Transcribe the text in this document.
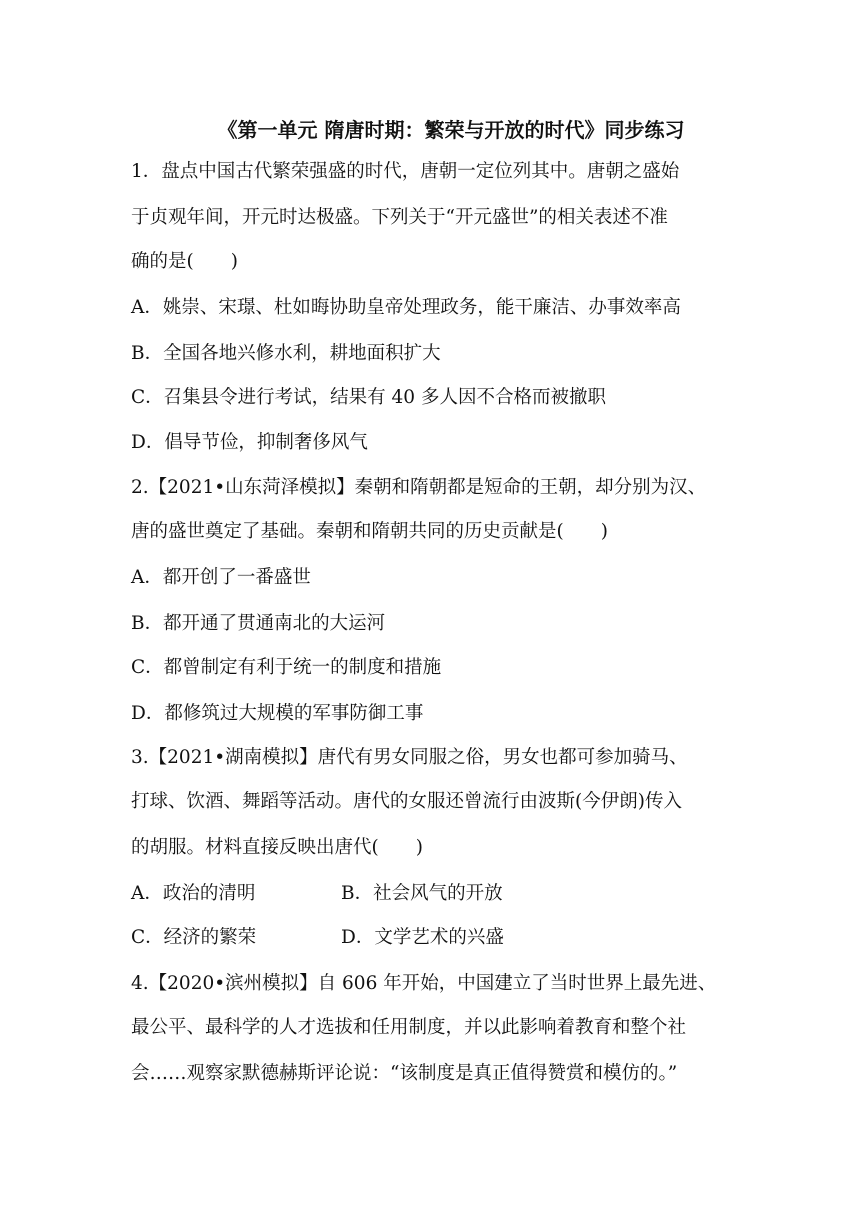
《第一单元 隋唐时期：繁荣与开放的时代》同步练习
1．盘点中国古代繁荣强盛的时代，唐朝一定位列其中。唐朝之盛始
于贞观年间，开元时达极盛。下列关于“开元盛世”的相关表述不准
确的是(　　)
A．姚崇、宋璟、杜如晦协助皇帝处理政务，能干廉洁、办事效率高
B．全国各地兴修水利，耕地面积扩大
C．召集县令进行考试，结果有 40 多人因不合格而被撤职
D．倡导节俭，抑制奢侈风气
2.【2021•山东菏泽模拟】秦朝和隋朝都是短命的王朝，却分别为汉、
唐的盛世奠定了基础。秦朝和隋朝共同的历史贡献是(　　)
A．都开创了一番盛世
B．都开通了贯通南北的大运河
C．都曾制定有利于统一的制度和措施
D．都修筑过大规模的军事防御工事
3.【2021•湖南模拟】唐代有男女同服之俗，男女也都可参加骑马、
打球、饮酒、舞蹈等活动。唐代的女服还曾流行由波斯(今伊朗)传入
的胡服。材料直接反映出唐代(　　)
A．政治的清明	B．社会风气的开放
C．经济的繁荣	D．文学艺术的兴盛
4.【2020•滨州模拟】自 606 年开始，中国建立了当时世界上最先进、
最公平、最科学的人才选拔和任用制度，并以此影响着教育和整个社
会……观察家默德赫斯评论说：“该制度是真正值得赞赏和模仿的。”
